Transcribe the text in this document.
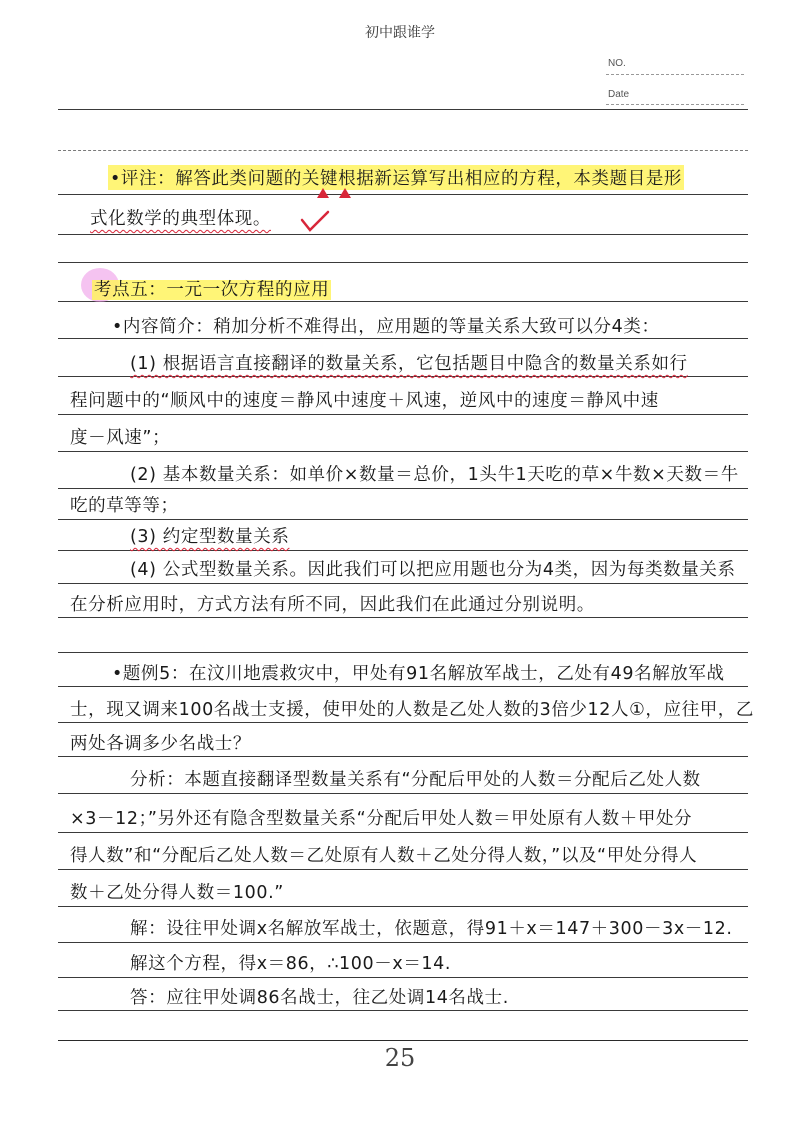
初中跟谁学
NO.
Date
•评注：解答此类问题的关键根据新运算写出相应的方程，本类题目是形
式化数学的典型体现。
考点五：一元一次方程的应用
•内容简介：稍加分析不难得出，应用题的等量关系大致可以分4类：
(1) 根据语言直接翻译的数量关系，它包括题目中隐含的数量关系如行
程问题中的“顺风中的速度＝静风中速度＋风速，逆风中的速度＝静风中速
度－风速”；
(2) 基本数量关系：如单价×数量＝总价，1头牛1天吃的草×牛数×天数＝牛
吃的草等等；
(3) 约定型数量关系
(4) 公式型数量关系。因此我们可以把应用题也分为4类，因为每类数量关系
在分析应用时，方式方法有所不同，因此我们在此通过分别说明。
•题例5：在汶川地震救灾中，甲处有91名解放军战士，乙处有49名解放军战
士，现又调来100名战士支援，使甲处的人数是乙处人数的3倍少12人①，应往甲，乙
两处各调多少名战士？
分析：本题直接翻译型数量关系有“分配后甲处的人数＝分配后乙处人数
×3－12；”另外还有隐含型数量关系“分配后甲处人数＝甲处原有人数＋甲处分
得人数”和“分配后乙处人数＝乙处原有人数＋乙处分得人数，”以及“甲处分得人
数＋乙处分得人数＝100.”
解：设往甲处调x名解放军战士，依题意，得91＋x＝147＋300－3x－12.
解这个方程，得x＝86，∴100－x＝14.
答：应往甲处调86名战士，往乙处调14名战士.
25
